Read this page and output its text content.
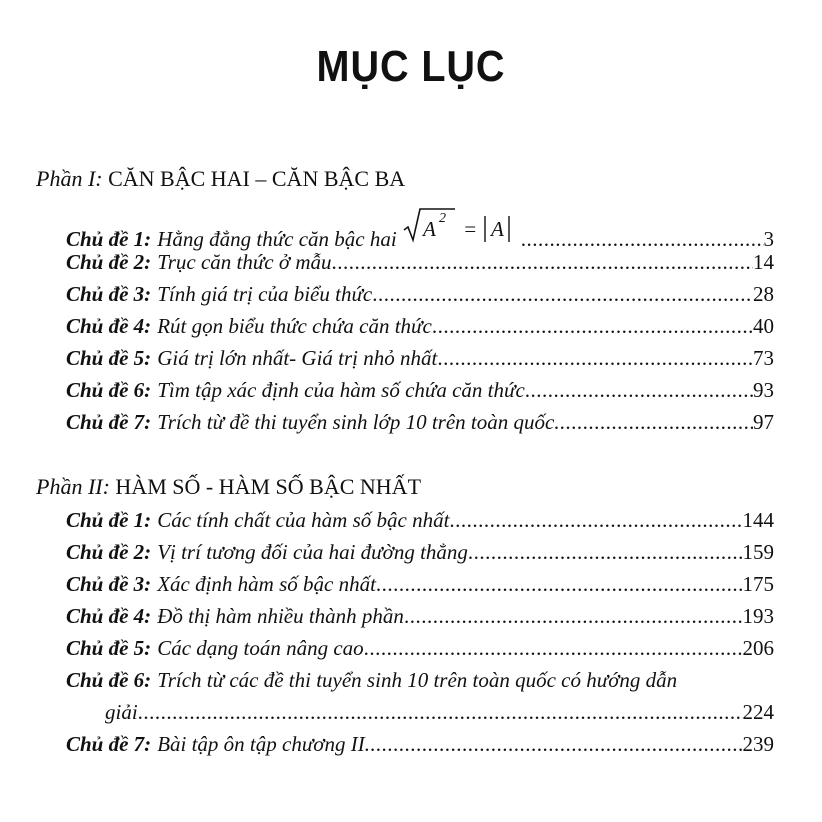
MỤC LỤC
Phần I: CĂN BẬC HAI – CĂN BẬC BA
Chủ đề 1: Hằng đẳng thức căn bậc hai A 2 = A .....	3
Chủ đề 2: Trục căn thức ở mẫu .....	14
Chủ đề 3: Tính giá trị của biểu thức .....	28
Chủ đề 4: Rút gọn biểu thức chứa căn thức .....	40
Chủ đề 5: Giá trị lớn nhất- Giá trị nhỏ nhất .....	73
Chủ đề 6: Tìm tập xác định của hàm số chứa căn thức .....	93
Chủ đề 7: Trích từ đề thi tuyển sinh lớp 10 trên toàn quốc. .....	97
Phần II: HÀM SỐ - HÀM SỐ BẬC NHẤT
Chủ đề 1: Các tính chất của hàm số bậc nhất .....	144
Chủ đề 2: Vị trí tương đối của hai đường thẳng .....	159
Chủ đề 3: Xác định hàm số bậc nhất .....	175
Chủ đề 4: Đồ thị hàm nhiều thành phần .....	193
Chủ đề 5: Các dạng toán nâng cao .....	206
Chủ đề 6: Trích từ các đề thi tuyển sinh 10 trên toàn quốc có hướng dẫn
giải .....	224
Chủ đề 7: Bài tập ôn tập chương II. .....	239
